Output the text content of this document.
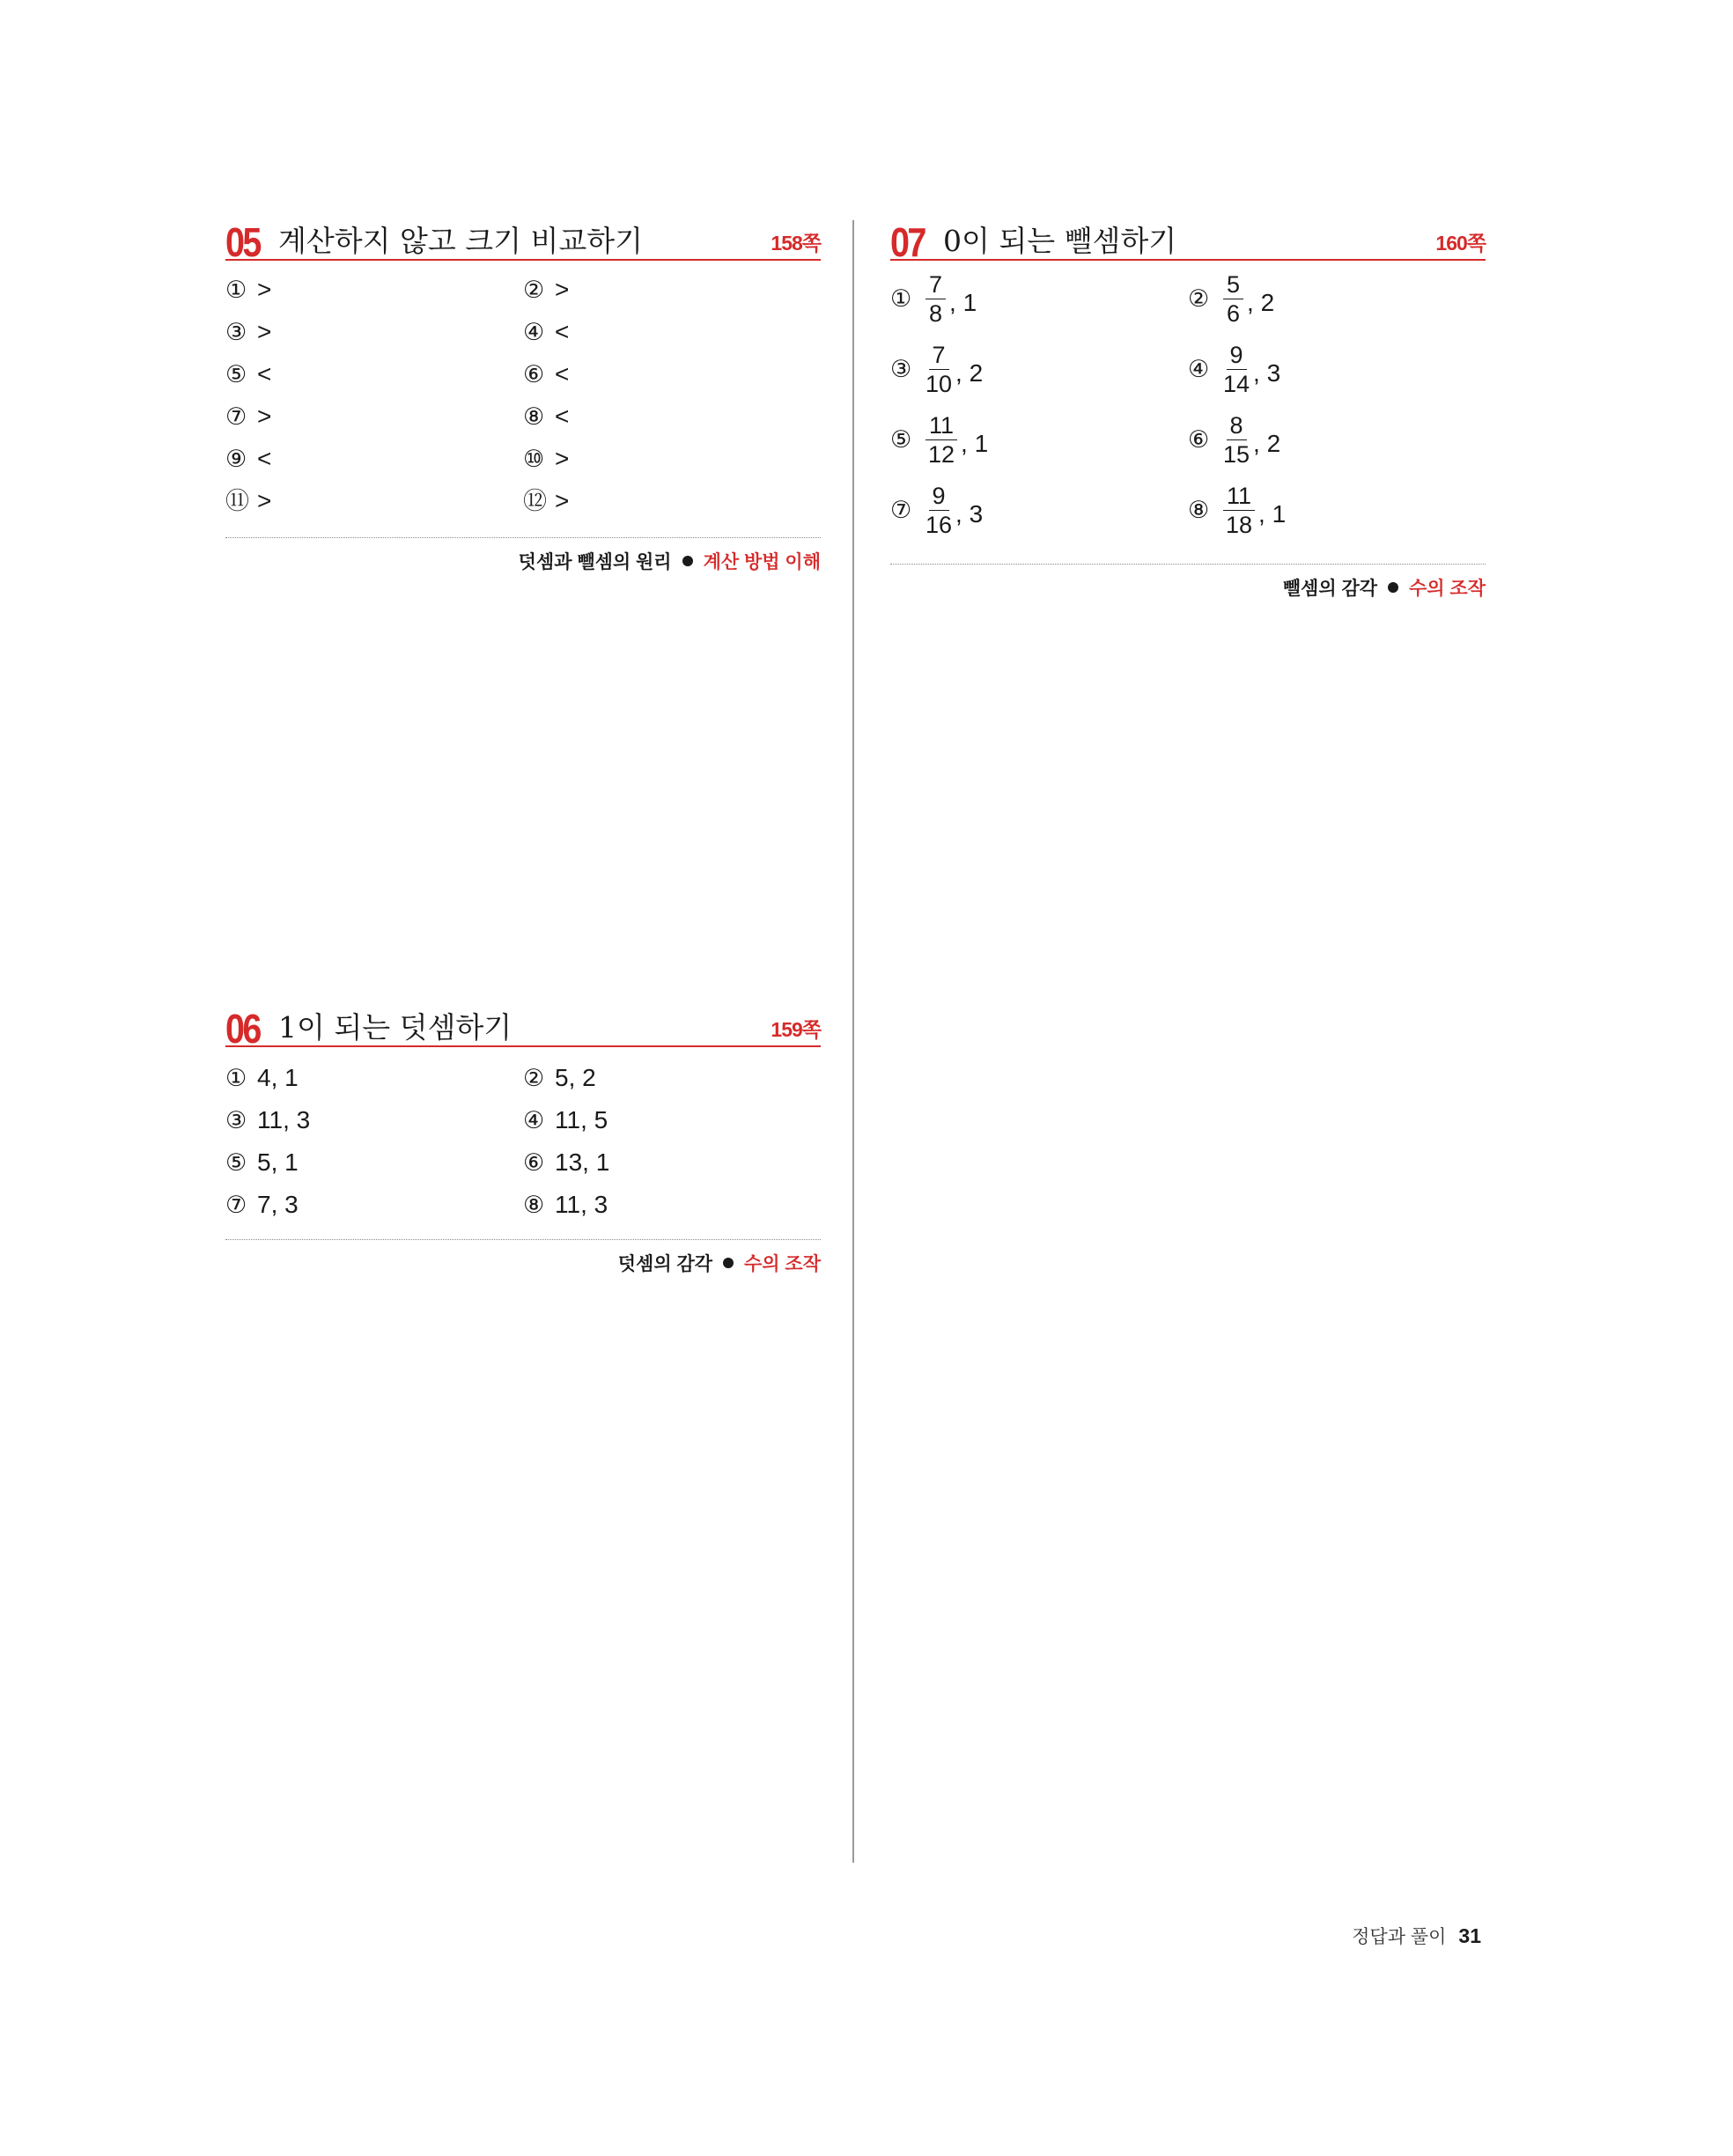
05 계산하지 않고 크기 비교하기	158쪽
① >	② >
③ >	④ <
⑤ <	⑥ <
⑦ >	⑧ <
⑨ <	⑩ >
⑪ >	⑫ >
덧셈과 뺄셈의 원리 계산 방법 이해
06 1이 되는 덧셈하기	159쪽
① 4, 1	② 5, 2
③ 11, 3	④ 11, 5
⑤ 5, 1	⑥ 13, 1
⑦ 7, 3	⑧ 11, 3
덧셈의 감각 수의 조작
07 0이 되는 뺄셈하기	160쪽
① $\frac{7}{8}$ , 1	② $\frac{5}{6}$ , 2
③ $\frac{7}{10}$ , 2	④ $\frac{9}{14}$ , 3
⑤ $\frac{11}{12}$ , 1	⑥ $\frac{8}{15}$ , 2
⑦ $\frac{9}{16}$ , 3	⑧ $\frac{11}{18}$ , 1
뺄셈의 감각 수의 조작
정답과 풀이 31
